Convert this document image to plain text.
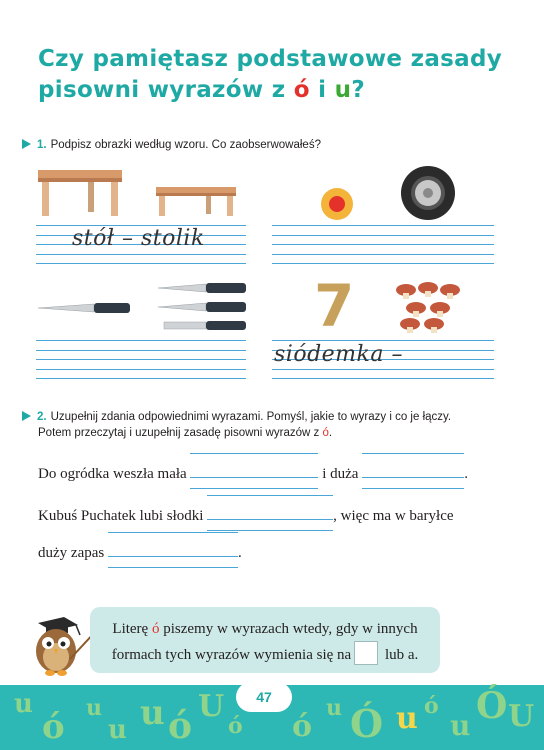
Czy pamiętasz podstawowe zasady
pisowni wyrazów z ó i u?
1. Podpisz obrazki według wzoru. Co zaobserwowałeś?
stół – stolik
7
siódemka –
2. Uzupełnij zdania odpowiednimi wyrazami. Pomyśl, jakie to wyrazy i co je łączy.
Potem przeczytaj i uzupełnij zasadę pisowni wyrazów z ó.
Do ogródka weszła mała	i duża	.
Kubuś Puchatek lubi słodki	, więc ma w baryłce
duży zapas	.
Literę ó piszemy w wyrazach wtedy, gdy w innych
formach tych wyrazów wymienia się na lub a.
u
ó u
u u ó U
ó ó
u Ó u ó
u Ó U
47
